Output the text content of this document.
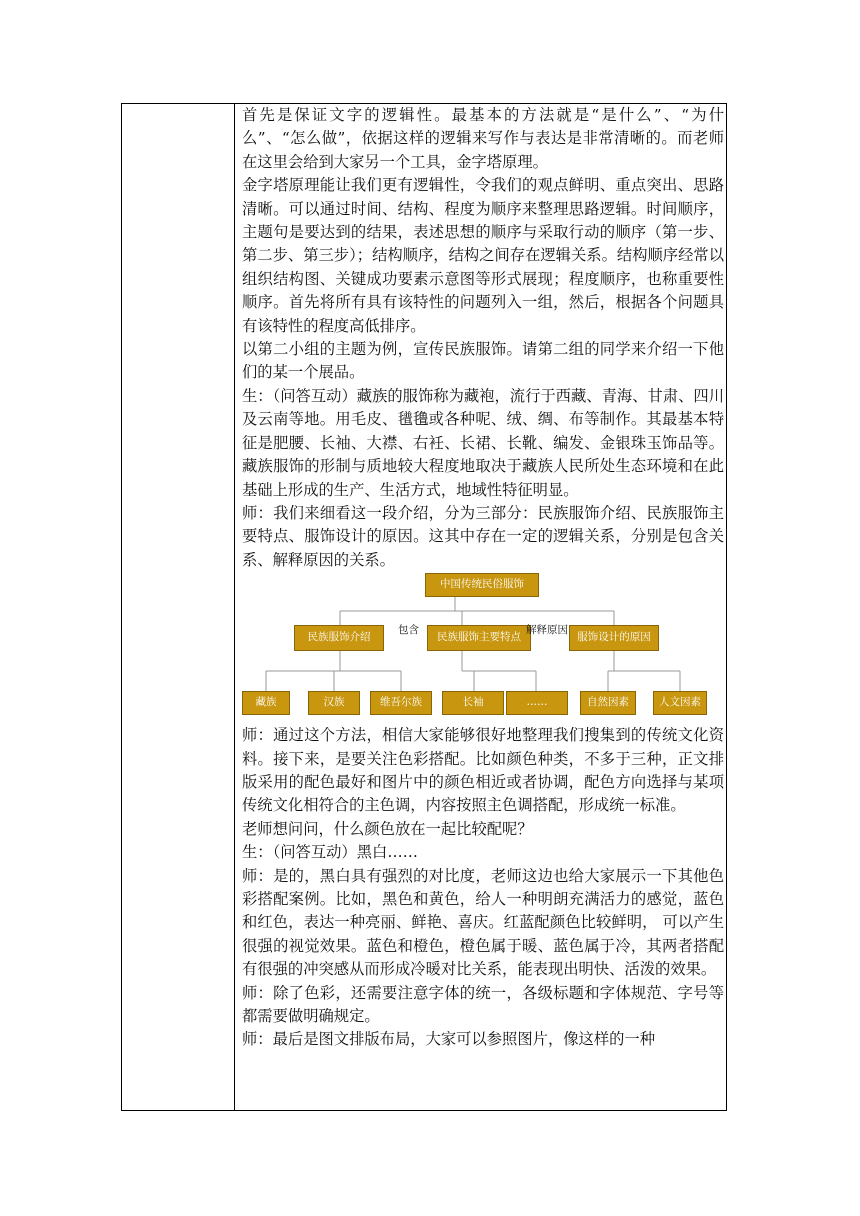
首先是保证文字的逻辑性。最基本的方法就是“是什么”、“为什么”、“怎么做”，依据这样的逻辑来写作与表达是非常清晰的。而老师在这里会给到大家另一个工具，金字塔原理。

金字塔原理能让我们更有逻辑性，令我们的观点鲜明、重点突出、思路清晰。可以通过时间、结构、程度为顺序来整理思路逻辑。时间顺序，主题句是要达到的结果，表述思想的顺序与采取行动的顺序（第一步、第二步、第三步）；结构顺序，结构之间存在逻辑关系。结构顺序经常以组织结构图、关键成功要素示意图等形式展现；程度顺序，也称重要性顺序。首先将所有具有该特性的问题列入一组，然后，根据各个问题具有该特性的程度高低排序。

以第二小组的主题为例，宣传民族服饰。请第二组的同学来介绍一下他们的某一个展品。

生：（问答互动）藏族的服饰称为藏袍，流行于西藏、青海、甘肃、四川及云南等地。用毛皮、氆氇或各种呢、绒、绸、布等制作。其最基本特征是肥腰、长袖、大襟、右衽、长裙、长靴、编发、金银珠玉饰品等。藏族服饰的形制与质地较大程度地取决于藏族人民所处生态环境和在此基础上形成的生产、生活方式，地域性特征明显。

师：我们来细看这一段介绍，分为三部分：民族服饰介绍、民族服饰主要特点、服饰设计的原因。这其中存在一定的逻辑关系，分别是包含关系、解释原因的关系。

中国传统民俗服饰
民族服饰介绍	民族服饰主要特点	服饰设计的原因
包含	解释原因
藏族	汉族	维吾尔族	长袖	……	自然因素	人文因素

师：通过这个方法，相信大家能够很好地整理我们搜集到的传统文化资料。接下来，是要关注色彩搭配。比如颜色种类，不多于三种，正文排版采用的配色最好和图片中的颜色相近或者协调，配色方向选择与某项传统文化相符合的主色调，内容按照主色调搭配，形成统一标准。

老师想问问，什么颜色放在一起比较配呢？

生：（问答互动）黑白……

师：是的，黑白具有强烈的对比度，老师这边也给大家展示一下其他色彩搭配案例。比如，黑色和黄色，给人一种明朗充满活力的感觉，蓝色和红色，表达一种亮丽、鲜艳、喜庆。红蓝配颜色比较鲜明， 可以产生很强的视觉效果。蓝色和橙色，橙色属于暖、蓝色属于冷，其两者搭配有很强的冲突感从而形成冷暖对比关系，能表现出明快、活泼的效果。

师：除了色彩，还需要注意字体的统一，各级标题和字体规范、字号等都需要做明确规定。

师：最后是图文排版布局，大家可以参照图片，像这样的一种
